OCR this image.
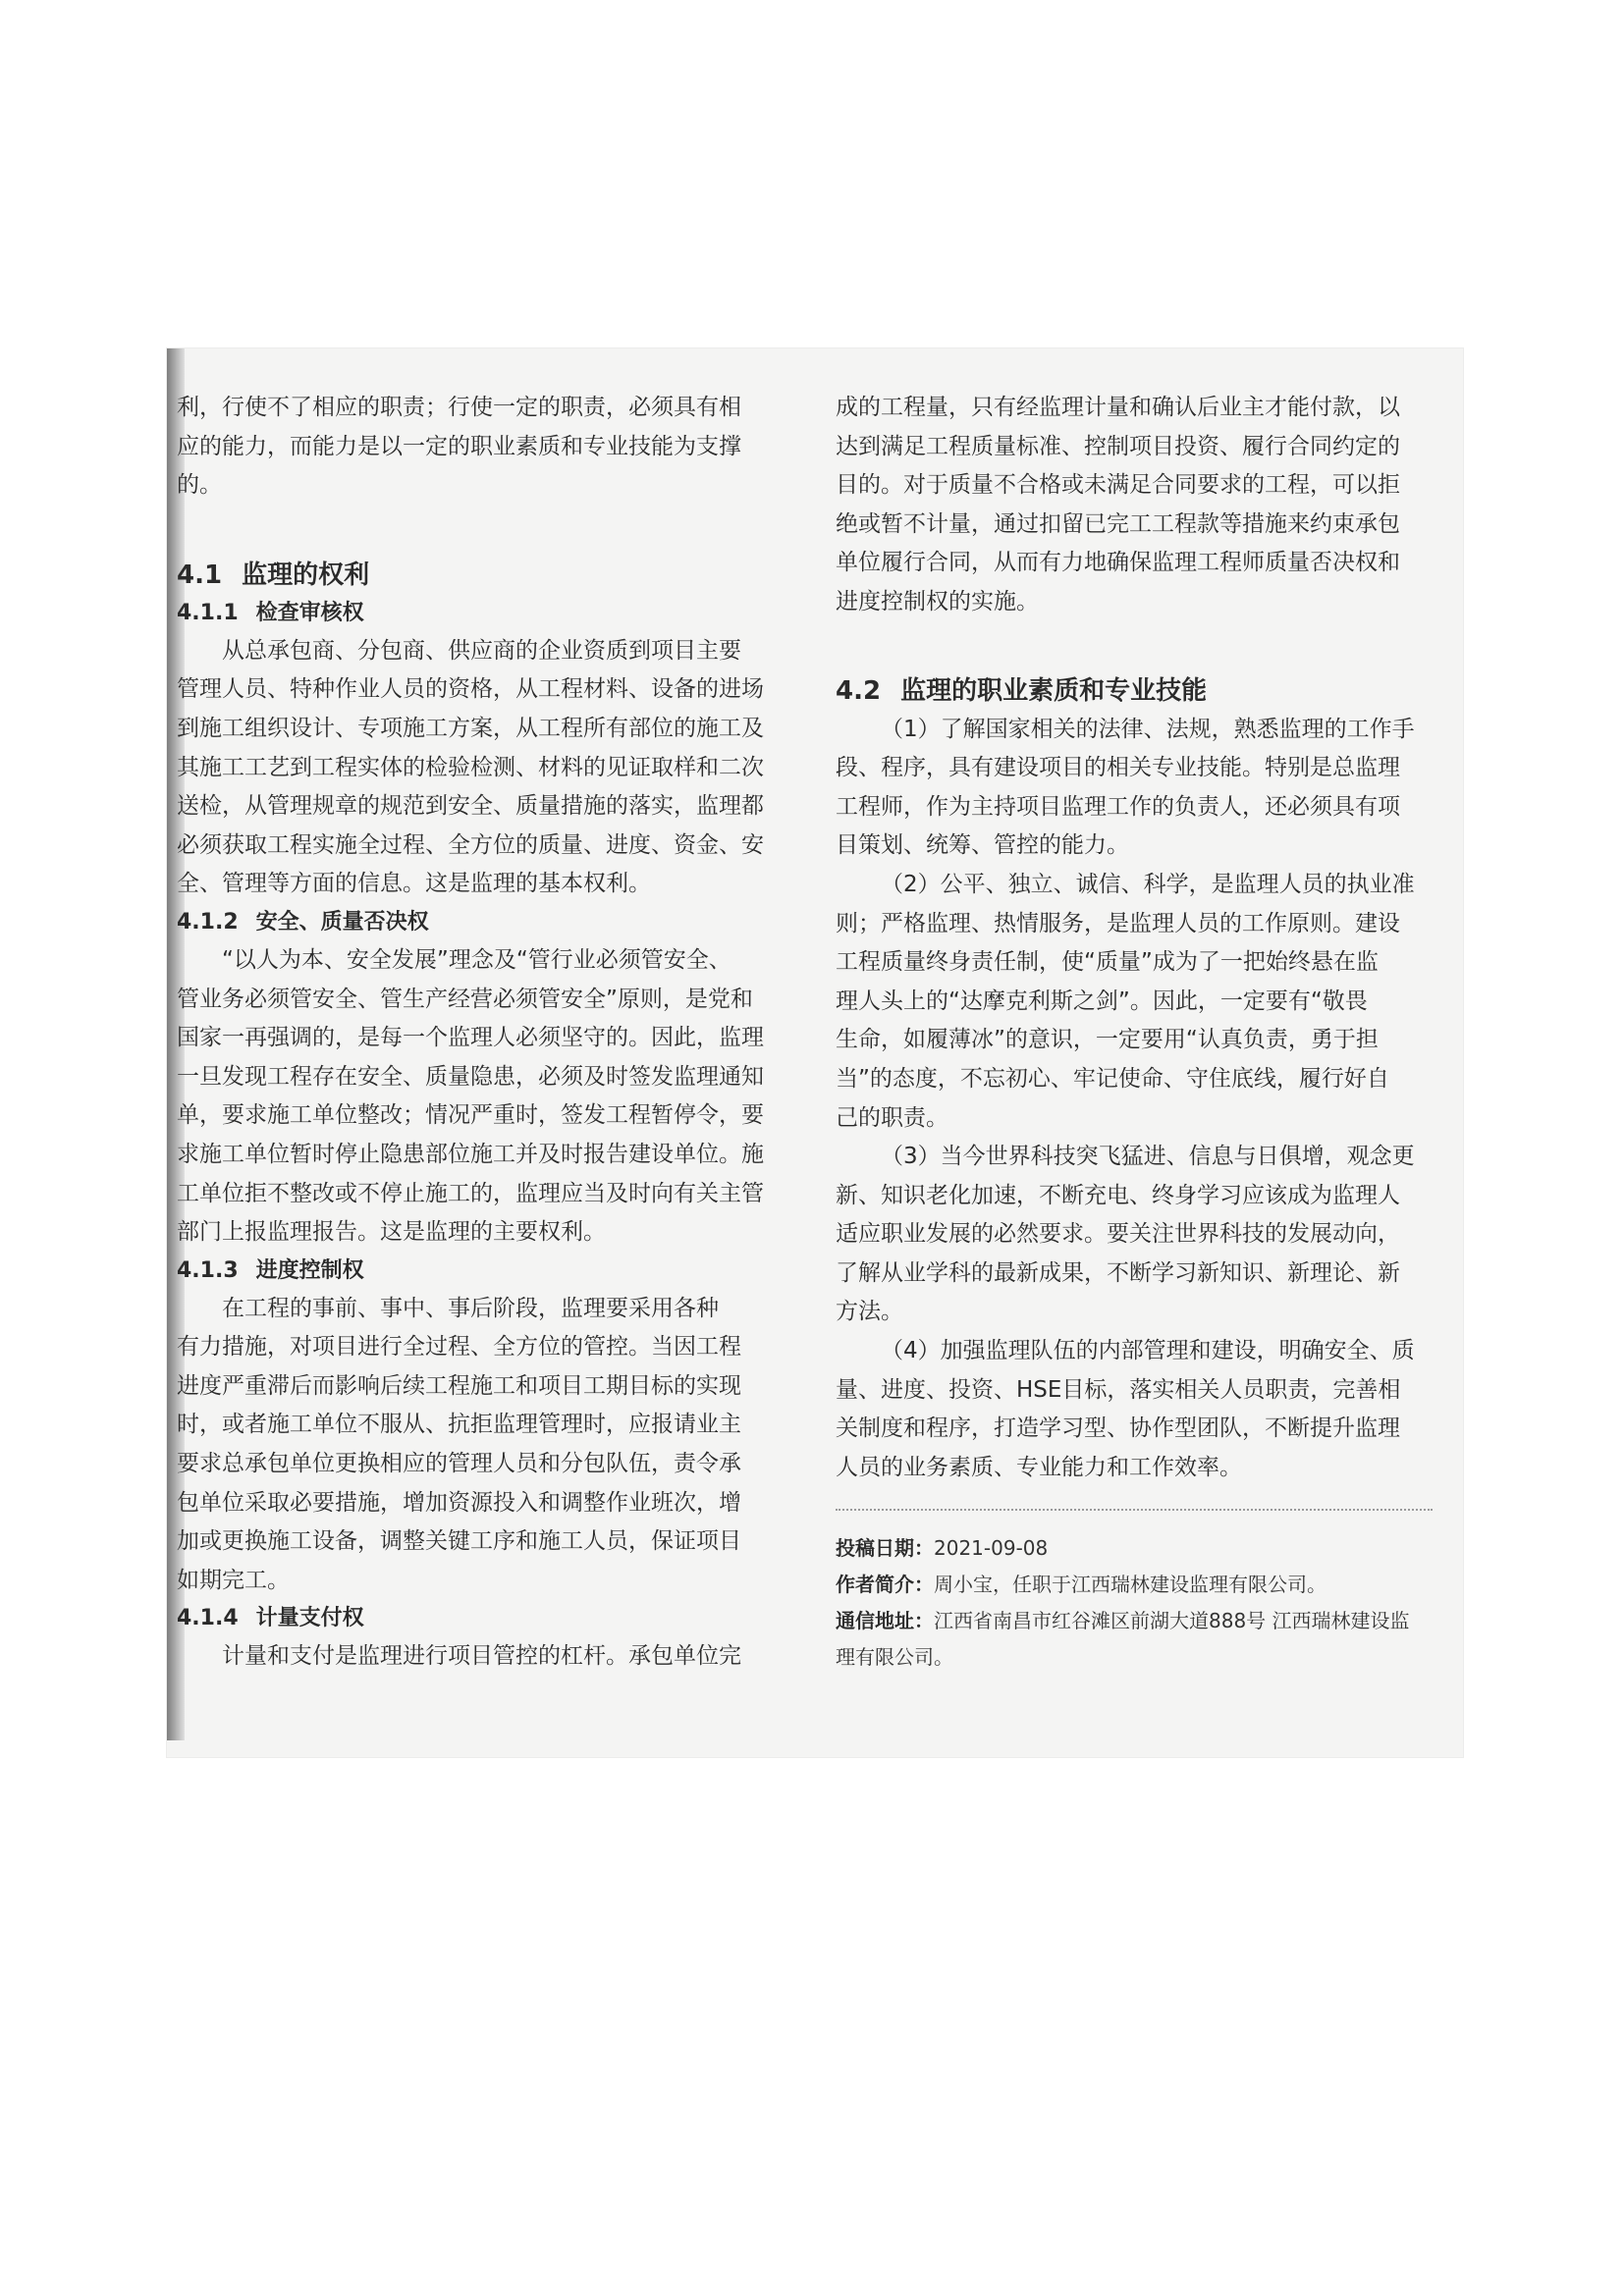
利，行使不了相应的职责；行使一定的职责，必须具有相

应的能力，而能力是以一定的职业素质和专业技能为支撑

的。

4.1 监理的权利
4.1.1 检查审核权

从总承包商、分包商、供应商的企业资质到项目主要

管理人员、特种作业人员的资格，从工程材料、设备的进场

到施工组织设计、专项施工方案，从工程所有部位的施工及

其施工工艺到工程实体的检验检测、材料的见证取样和二次

送检，从管理规章的规范到安全、质量措施的落实，监理都

必须获取工程实施全过程、全方位的质量、进度、资金、安

全、管理等方面的信息。这是监理的基本权利。

4.1.2 安全、质量否决权

“以人为本、安全发展”理念及“管行业必须管安全、

管业务必须管安全、管生产经营必须管安全”原则，是党和

国家一再强调的，是每一个监理人必须坚守的。因此，监理

一旦发现工程存在安全、质量隐患，必须及时签发监理通知

单，要求施工单位整改；情况严重时，签发工程暂停令，要

求施工单位暂时停止隐患部位施工并及时报告建设单位。施

工单位拒不整改或不停止施工的，监理应当及时向有关主管

部门上报监理报告。这是监理的主要权利。

4.1.3 进度控制权

在工程的事前、事中、事后阶段，监理要采用各种

有力措施，对项目进行全过程、全方位的管控。当因工程

进度严重滞后而影响后续工程施工和项目工期目标的实现

时，或者施工单位不服从、抗拒监理管理时，应报请业主

要求总承包单位更换相应的管理人员和分包队伍，责令承

包单位采取必要措施，增加资源投入和调整作业班次，增

加或更换施工设备，调整关键工序和施工人员，保证项目

如期完工。

4.1.4 计量支付权

计量和支付是监理进行项目管控的杠杆。承包单位完

成的工程量，只有经监理计量和确认后业主才能付款，以

达到满足工程质量标准、控制项目投资、履行合同约定的

目的。对于质量不合格或未满足合同要求的工程，可以拒

绝或暂不计量，通过扣留已完工工程款等措施来约束承包

单位履行合同，从而有力地确保监理工程师质量否决权和

进度控制权的实施。

4.2 监理的职业素质和专业技能

（1）了解国家相关的法律、法规，熟悉监理的工作手

段、程序，具有建设项目的相关专业技能。特别是总监理

工程师，作为主持项目监理工作的负责人，还必须具有项

目策划、统筹、管控的能力。

（2）公平、独立、诚信、科学，是监理人员的执业准

则；严格监理、热情服务，是监理人员的工作原则。建设

工程质量终身责任制，使“质量”成为了一把始终悬在监

理人头上的“达摩克利斯之剑”。因此，一定要有“敬畏

生命，如履薄冰”的意识，一定要用“认真负责，勇于担

当”的态度，不忘初心、牢记使命、守住底线，履行好自

己的职责。

（3）当今世界科技突飞猛进、信息与日俱增，观念更

新、知识老化加速，不断充电、终身学习应该成为监理人

适应职业发展的必然要求。要关注世界科技的发展动向，

了解从业学科的最新成果，不断学习新知识、新理论、新

方法。

（4）加强监理队伍的内部管理和建设，明确安全、质

量、进度、投资、HSE目标，落实相关人员职责，完善相

关制度和程序，打造学习型、协作型团队，不断提升监理

人员的业务素质、专业能力和工作效率。

投稿日期：2021-09-08
作者简介：周小宝，任职于江西瑞林建设监理有限公司。
通信地址：江西省南昌市红谷滩区前湖大道888号 江西瑞林建设监
理有限公司。
